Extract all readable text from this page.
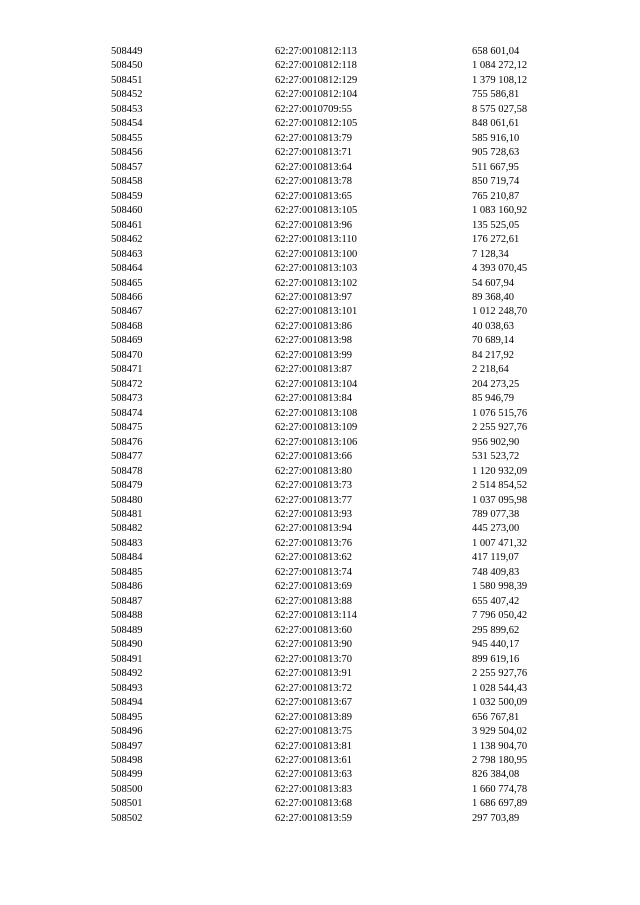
508449	62:27:0010812:113	658 601,04
508450	62:27:0010812:118	1 084 272,12
508451	62:27:0010812:129	1 379 108,12
508452	62:27:0010812:104	755 586,81
508453	62:27:0010709:55	8 575 027,58
508454	62:27:0010812:105	848 061,61
508455	62:27:0010813:79	585 916,10
508456	62:27:0010813:71	905 728,63
508457	62:27:0010813:64	511 667,95
508458	62:27:0010813:78	850 719,74
508459	62:27:0010813:65	765 210,87
508460	62:27:0010813:105	1 083 160,92
508461	62:27:0010813:96	135 525,05
508462	62:27:0010813:110	176 272,61
508463	62:27:0010813:100	7 128,34
508464	62:27:0010813:103	4 393 070,45
508465	62:27:0010813:102	54 607,94
508466	62:27:0010813:97	89 368,40
508467	62:27:0010813:101	1 012 248,70
508468	62:27:0010813:86	40 038,63
508469	62:27:0010813:98	70 689,14
508470	62:27:0010813:99	84 217,92
508471	62:27:0010813:87	2 218,64
508472	62:27:0010813:104	204 273,25
508473	62:27:0010813:84	85 946,79
508474	62:27:0010813:108	1 076 515,76
508475	62:27:0010813:109	2 255 927,76
508476	62:27:0010813:106	956 902,90
508477	62:27:0010813:66	531 523,72
508478	62:27:0010813:80	1 120 932,09
508479	62:27:0010813:73	2 514 854,52
508480	62:27:0010813:77	1 037 095,98
508481	62:27:0010813:93	789 077,38
508482	62:27:0010813:94	445 273,00
508483	62:27:0010813:76	1 007 471,32
508484	62:27:0010813:62	417 119,07
508485	62:27:0010813:74	748 409,83
508486	62:27:0010813:69	1 580 998,39
508487	62:27:0010813:88	655 407,42
508488	62:27:0010813:114	7 796 050,42
508489	62:27:0010813:60	295 899,62
508490	62:27:0010813:90	945 440,17
508491	62:27:0010813:70	899 619,16
508492	62:27:0010813:91	2 255 927,76
508493	62:27:0010813:72	1 028 544,43
508494	62:27:0010813:67	1 032 500,09
508495	62:27:0010813:89	656 767,81
508496	62:27:0010813:75	3 929 504,02
508497	62:27:0010813:81	1 138 904,70
508498	62:27:0010813:61	2 798 180,95
508499	62:27:0010813:63	826 384,08
508500	62:27:0010813:83	1 660 774,78
508501	62:27:0010813:68	1 686 697,89
508502	62:27:0010813:59	297 703,89
